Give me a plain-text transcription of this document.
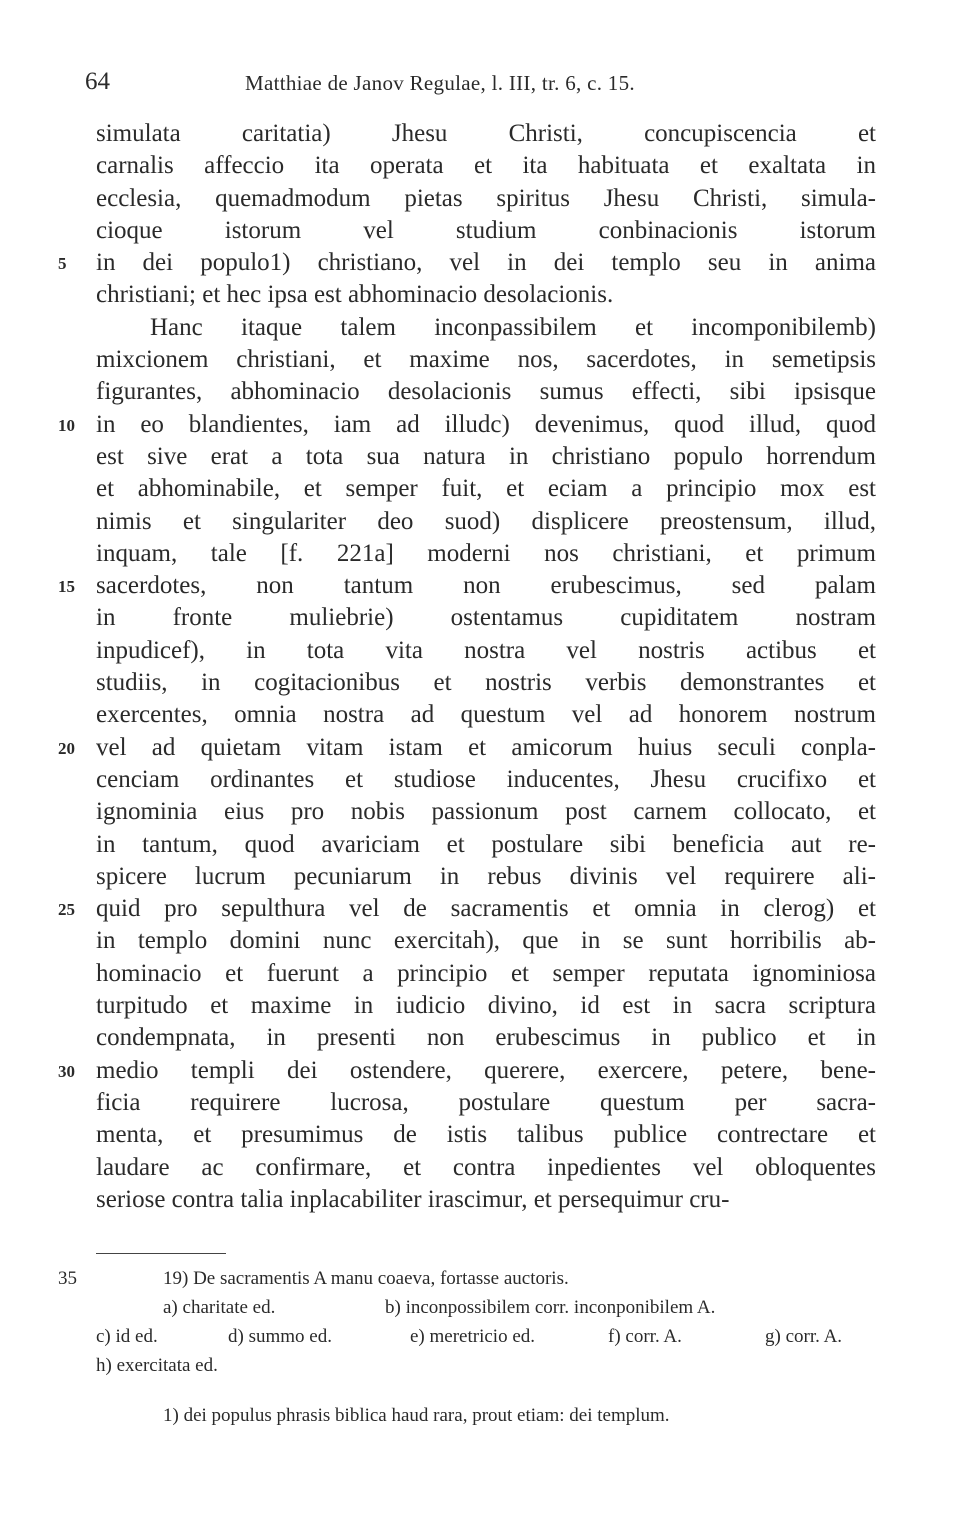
64	Matthiae de Janov Regulae, l. III, tr. 6, c. 15.
simulata caritatia) Jhesu Christi, concupiscencia et
carnalis affeccio ita operata et ita habituata et exaltata in
ecclesia, quemadmodum pietas spiritus Jhesu Christi, simula-
cioque istorum vel studium conbinacionis istorum
5	in dei populo1) christiano, vel in dei templo seu in anima
christiani; et hec ipsa est abhominacio desolacionis.
Hanc itaque talem inconpassibilem et incomponibilemb)
mixcionem christiani, et maxime nos, sacerdotes, in semetipsis
figurantes, abhominacio desolacionis sumus effecti, sibi ipsisque
10 in eo blandientes, iam ad illudc) devenimus, quod illud, quod
est sive erat a tota sua natura in christiano populo horrendum
et abhominabile, et semper fuit, et eciam a principio mox est
nimis et singulariter deo suod) displicere preostensum, illud,
inquam, tale [f. 221a] moderni nos christiani, et primum
15 sacerdotes, non tantum non erubescimus, sed palam
in fronte muliebrie) ostentamus cupiditatem nostram
inpudicef), in tota vita nostra vel nostris actibus et
studiis, in cogitacionibus et nostris verbis demonstrantes et
exercentes, omnia nostra ad questum vel ad honorem nostrum
20 vel ad quietam vitam istam et amicorum huius seculi conpla-
cenciam ordinantes et studiose inducentes, Jhesu crucifixo et
ignominia eius pro nobis passionum post carnem collocato, et
in tantum, quod avariciam et postulare sibi beneficia aut re-
spicere lucrum pecuniarum in rebus divinis vel requirere ali-
25 quid pro sepulthura vel de sacramentis et omnia in clerog) et
in templo domini nunc exercitah), que in se sunt horribilis ab-
hominacio et fuerunt a principio et semper reputata ignominiosa
turpitudo et maxime in iudicio divino, id est in sacra scriptura
condempnata, in presenti non erubescimus in publico et in
30 medio templi dei ostendere, querere, exercere, petere, bene-
ficia requirere lucrosa, postulare questum per sacra-
menta, et presumimus de istis talibus publice contrectare et
laudare ac confirmare, et contra inpedientes vel obloquentes
seriose contra talia inplacabiliter irascimur, et persequimur cru-
35	19) De sacramentis A manu coaeva, fortasse auctoris.
a) charitate ed.	b) inconpossibilem corr. inconponibilem A.
c) id ed.	d) summo ed.	e) meretricio ed.	f) corr. A.	g) corr. A.
h) exercitata ed.
1) dei populus phrasis biblica haud rara, prout etiam: dei templum.
